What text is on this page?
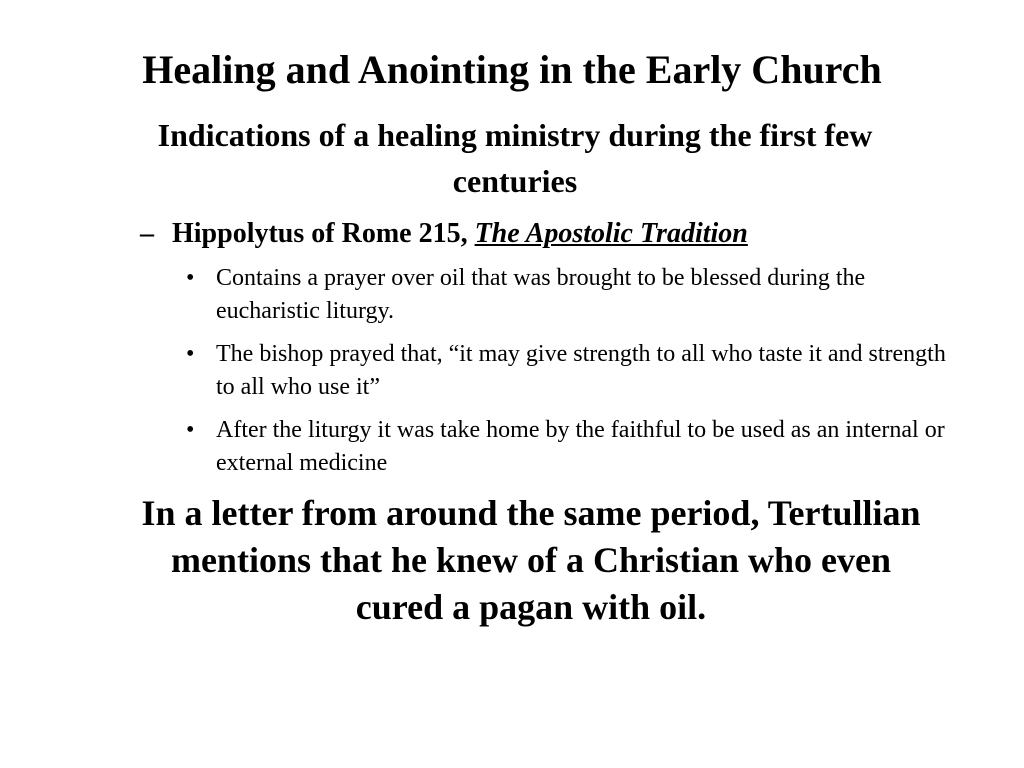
Healing and Anointing in the Early Church
Indications of a healing ministry during the first few centuries
– Hippolytus of Rome 215, The Apostolic Tradition
• Contains a prayer over oil that was brought to be blessed during the eucharistic liturgy.
• The bishop prayed that, “it may give strength to all who taste it and strength to all who use it”
• After the liturgy it was take home by the faithful to be used as an internal or external medicine

In a letter from around the same period, Tertullian mentions that he knew of a Christian who even cured a pagan with oil.
